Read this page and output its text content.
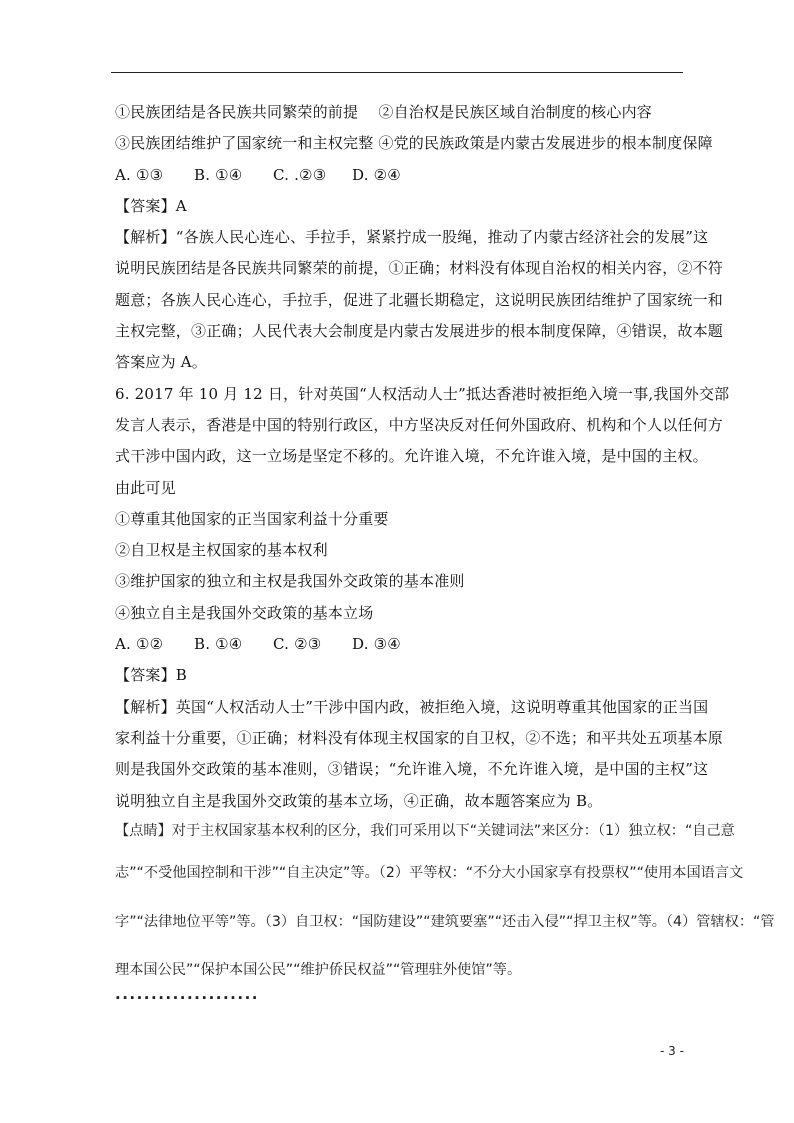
①民族团结是各民族共同繁荣的前提　 ②自治权是民族区域自治制度的核心内容
③民族团结维护了国家统一和主权完整 ④党的民族政策是内蒙古发展进步的根本制度保障
A. ①③ B. ①④ C. .②③ D. ②④
【答案】A
【解析】“各族人民心连心、手拉手，紧紧拧成一股绳，推动了内蒙古经济社会的发展”这
说明民族团结是各民族共同繁荣的前提，①正确；材料没有体现自治权的相关内容，②不符
题意；各族人民心连心，手拉手，促进了北疆长期稳定，这说明民族团结维护了国家统一和
主权完整，③正确；人民代表大会制度是内蒙古发展进步的根本制度保障，④错误，故本题
答案应为 A。
6. 2017 年 10 月 12 日，针对英国“人权活动人士”抵达香港时被拒绝入境一事,我国外交部
发言人表示，香港是中国的特别行政区，中方坚决反对任何外国政府、机构和个人以任何方
式干涉中国内政，这一立场是坚定不移的。允许谁入境，不允许谁入境，是中国的主权。
由此可见
①尊重其他国家的正当国家利益十分重要
②自卫权是主权国家的基本权利
③维护国家的独立和主权是我国外交政策的基本准则
④独立自主是我国外交政策的基本立场
A. ①② B. ①④ C. ②③ D. ③④
【答案】B
【解析】英国“人权活动人士”干涉中国内政，被拒绝入境，这说明尊重其他国家的正当国
家利益十分重要，①正确；材料没有体现主权国家的自卫权，②不选；和平共处五项基本原
则是我国外交政策的基本准则，③错误；“允许谁入境，不允许谁入境，是中国的主权”这
说明独立自主是我国外交政策的基本立场，④正确，故本题答案应为 B。
【点睛】对于主权国家基本权利的区分，我们可采用以下“关键词法”来区分：（1）独立权：“自己意
志”“不受他国控制和干涉”“自主决定”等。（2）平等权：“不分大小国家享有投票权”“使用本国语言文
字”“法律地位平等”等。（3）自卫权：“国防建设”“建筑要塞”“还击入侵”“捍卫主权”等。（4）管辖权：“管
理本国公民”“保护本国公民”“维护侨民权益”“管理驻外使馆”等。
....................
- 3 -
